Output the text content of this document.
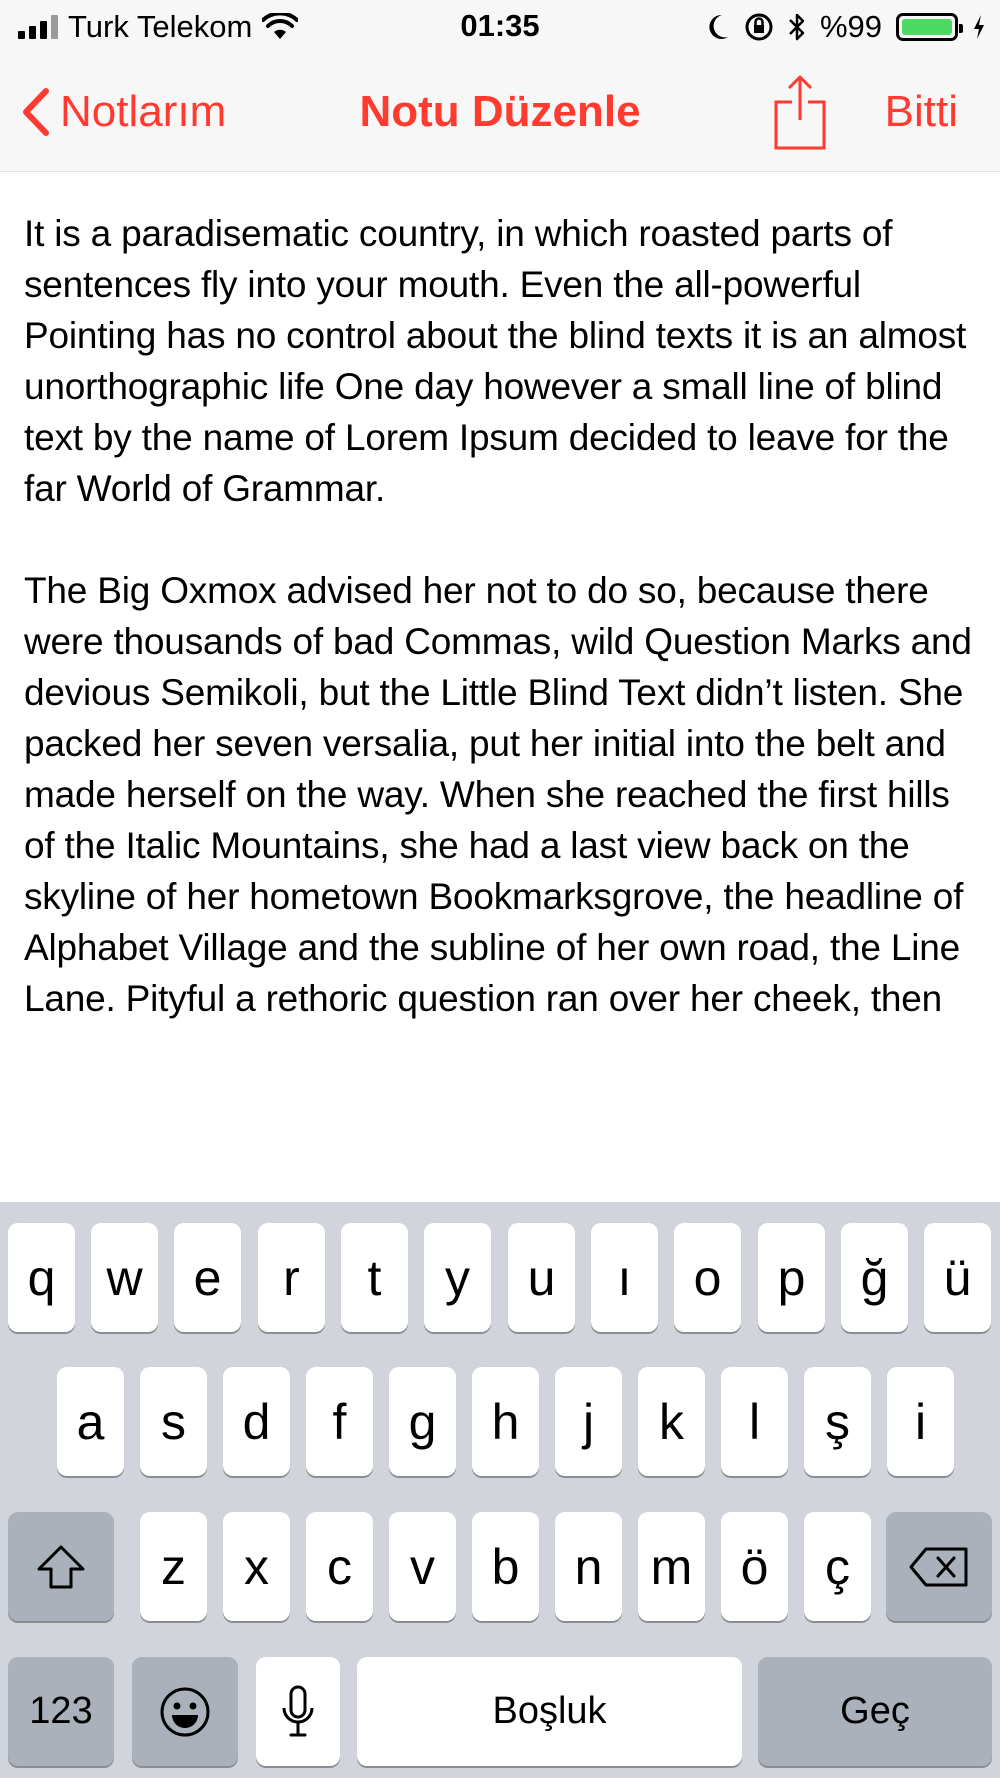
Turk Telekom	01:35	%99
Notlarım	Notu Düzenle	Bitti

It is a paradisematic country, in which roasted parts of sentences fly into your mouth. Even the all-powerful Pointing has no control about the blind texts it is an almost unorthographic life One day however a small line of blind text by the name of Lorem Ipsum decided to leave for the far World of Grammar.

The Big Oxmox advised her not to do so, because there were thousands of bad Commas, wild Question Marks and devious Semikoli, but the Little Blind Text didn’t listen. She packed her seven versalia, put her initial into the belt and made herself on the way. When she reached the first hills of the Italic Mountains, she had a last view back on the skyline of her hometown Bookmarksgrove, the headline of Alphabet Village and the subline of her own road, the Line Lane. Pityful a rethoric question ran over her cheek, then

q	w	e	r	t	y	u	ı	o	p	ğ	ü
a	s	d	f	g	h	j	k	l	ş	i
z	x	c	v	b	n m ö	ç
123	Boşluk	Geç
